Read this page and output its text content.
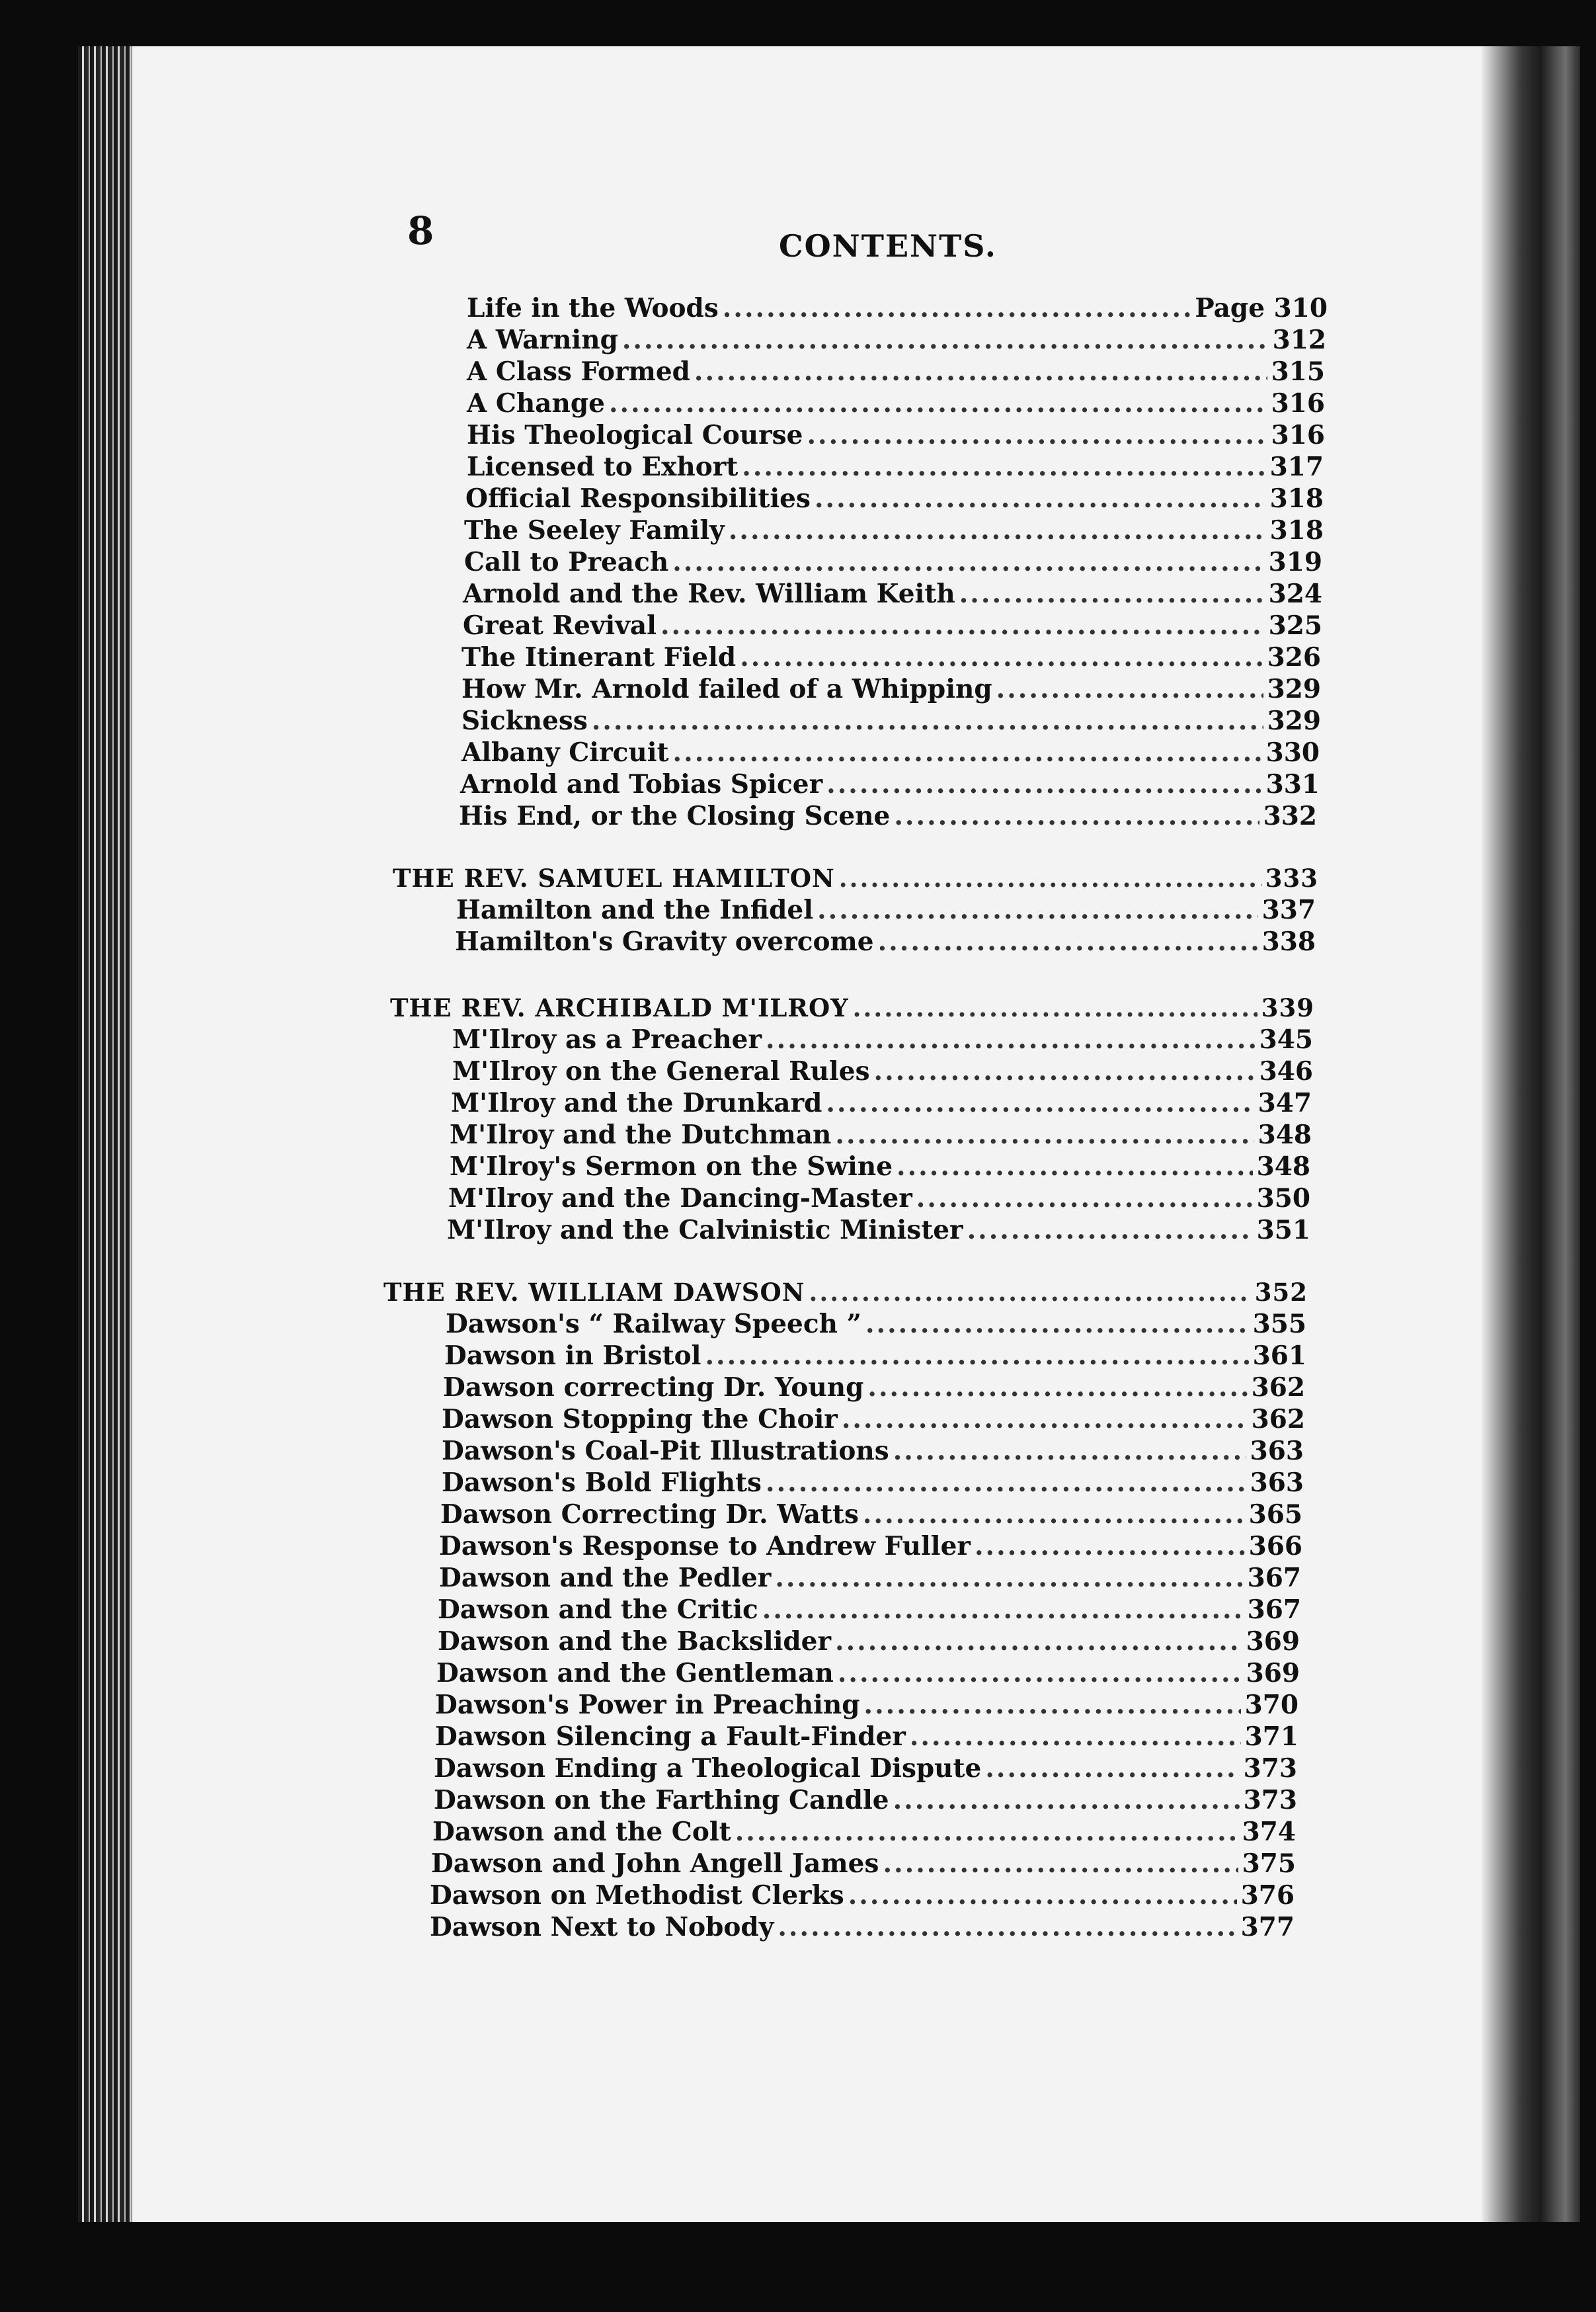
8	CONTENTS.
Life in the Woods .....	Page 310
A Warning .....	312
A Class Formed .....	315
A Change .....	316
His Theological Course .....	316
Licensed to Exhort .....	317
Official Responsibilities .....	318
The Seeley Family .....	318
Call to Preach .....	319
Arnold and the Rev. William Keith .....	324
Great Revival .....	325
The Itinerant Field .....	326
How Mr. Arnold failed of a Whipping .....	329
Sickness .....	329
Albany Circuit .....	330
Arnold and Tobias Spicer .....	331
His End, or the Closing Scene .....	332
THE REV. SAMUEL HAMILTON .....	333
Hamilton and the Infidel .....	337
Hamilton's Gravity overcome .....	338
THE REV. ARCHIBALD M'ILROY .....	339
M'Ilroy as a Preacher .....	345
M'Ilroy on the General Rules .....	346
M'Ilroy and the Drunkard .....	347
M'Ilroy and the Dutchman .....	348
M'Ilroy's Sermon on the Swine .....	348
M'Ilroy and the Dancing-Master .....	350
M'Ilroy and the Calvinistic Minister .....	351
THE REV. WILLIAM DAWSON .....	352
Dawson's “ Railway Speech ” .....	355
Dawson in Bristol .....	361
Dawson correcting Dr. Young .....	362
Dawson Stopping the Choir .....	362
Dawson's Coal-Pit Illustrations .....	363
Dawson's Bold Flights .....	363
Dawson Correcting Dr. Watts .....	365
Dawson's Response to Andrew Fuller .....	366
Dawson and the Pedler .....	367
Dawson and the Critic .....	367
Dawson and the Backslider .....	369
Dawson and the Gentleman .....	369
Dawson's Power in Preaching .....	370
Dawson Silencing a Fault-Finder .....	371
Dawson Ending a Theological Dispute .....	373
Dawson on the Farthing Candle .....	373
Dawson and the Colt .....	374
Dawson and John Angell James .....	375
Dawson on Methodist Clerks .....	376
Dawson Next to Nobody .....	377
